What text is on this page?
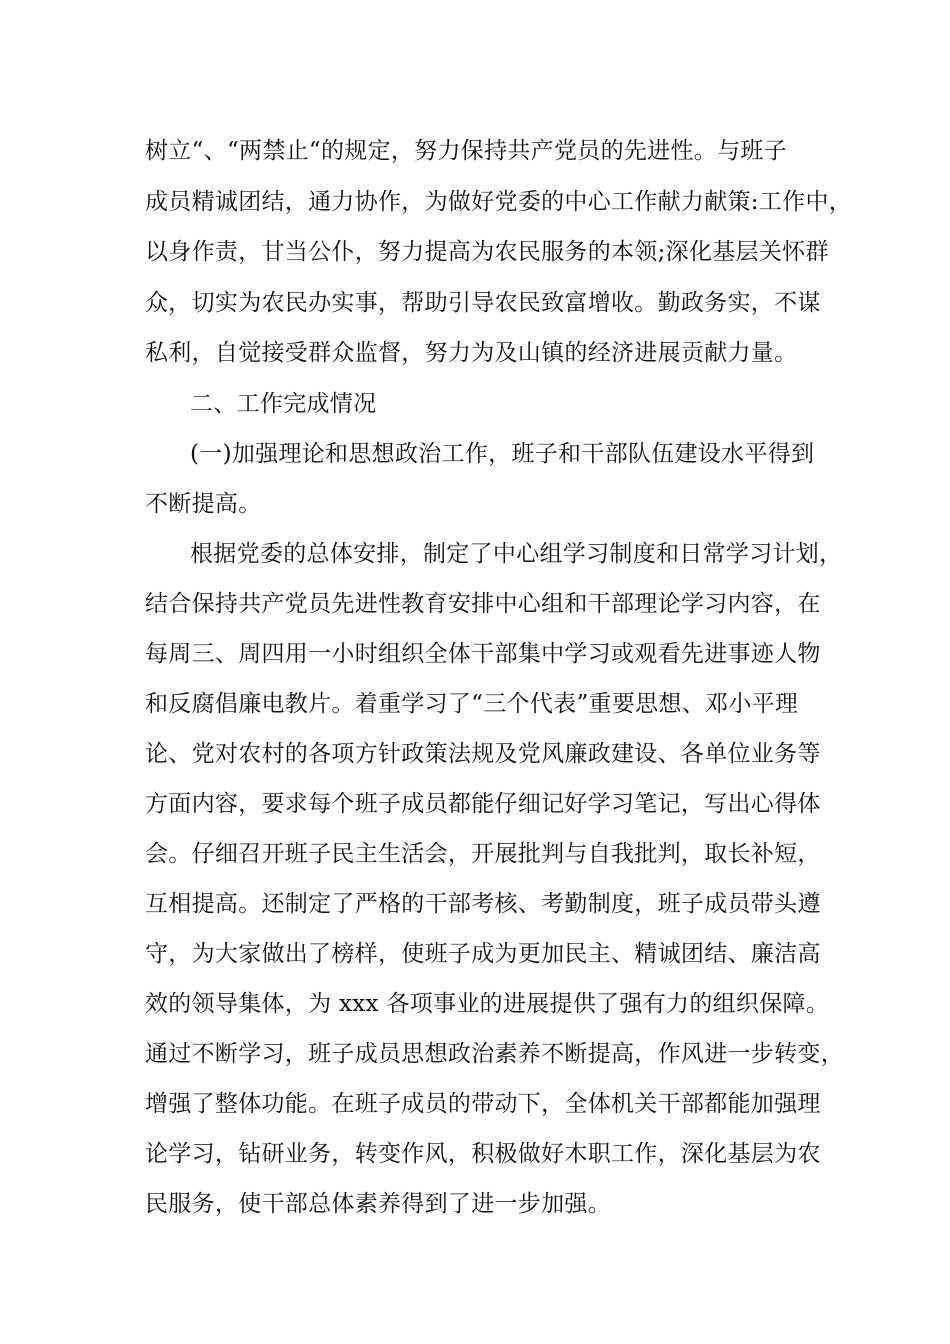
树立“、“两禁止“的规定，努力保持共产党员的先进性。与班子
成员精诚团结，通力协作，为做好党委的中心工作献力献策:工作中，
以身作责，甘当公仆，努力提高为农民服务的本领;深化基层关怀群
众，切实为农民办实事，帮助引导农民致富增收。勤政务实，不谋
私利，自觉接受群众监督，努力为及山镇的经济进展贡献力量。
二、工作完成情况
(一)加强理论和思想政治工作，班子和干部队伍建设水平得到
不断提高。
根据党委的总体安排，制定了中心组学习制度和日常学习计划，
结合保持共产党员先进性教育安排中心组和干部理论学习内容，在
每周三、周四用一小时组织全体干部集中学习或观看先进事迹人物
和反腐倡廉电教片。着重学习了“三个代表”重要思想、邓小平理
论、党对农村的各项方针政策法规及党风廉政建设、各单位业务等
方面内容，要求每个班子成员都能仔细记好学习笔记，写出心得体
会。仔细召开班子民主生活会，开展批判与自我批判，取长补短，
互相提高。还制定了严格的干部考核、考勤制度，班子成员带头遵
守，为大家做出了榜样，使班子成为更加民主、精诚团结、廉洁高
效的领导集体，为 xxx 各项事业的进展提供了强有力的组织保障。
通过不断学习，班子成员思想政治素养不断提高，作风进一步转变，
增强了整体功能。在班子成员的带动下，全体机关干部都能加强理
论学习，钻研业务，转变作风，积极做好木职工作，深化基层为农
民服务，使干部总体素养得到了进一步加强。
